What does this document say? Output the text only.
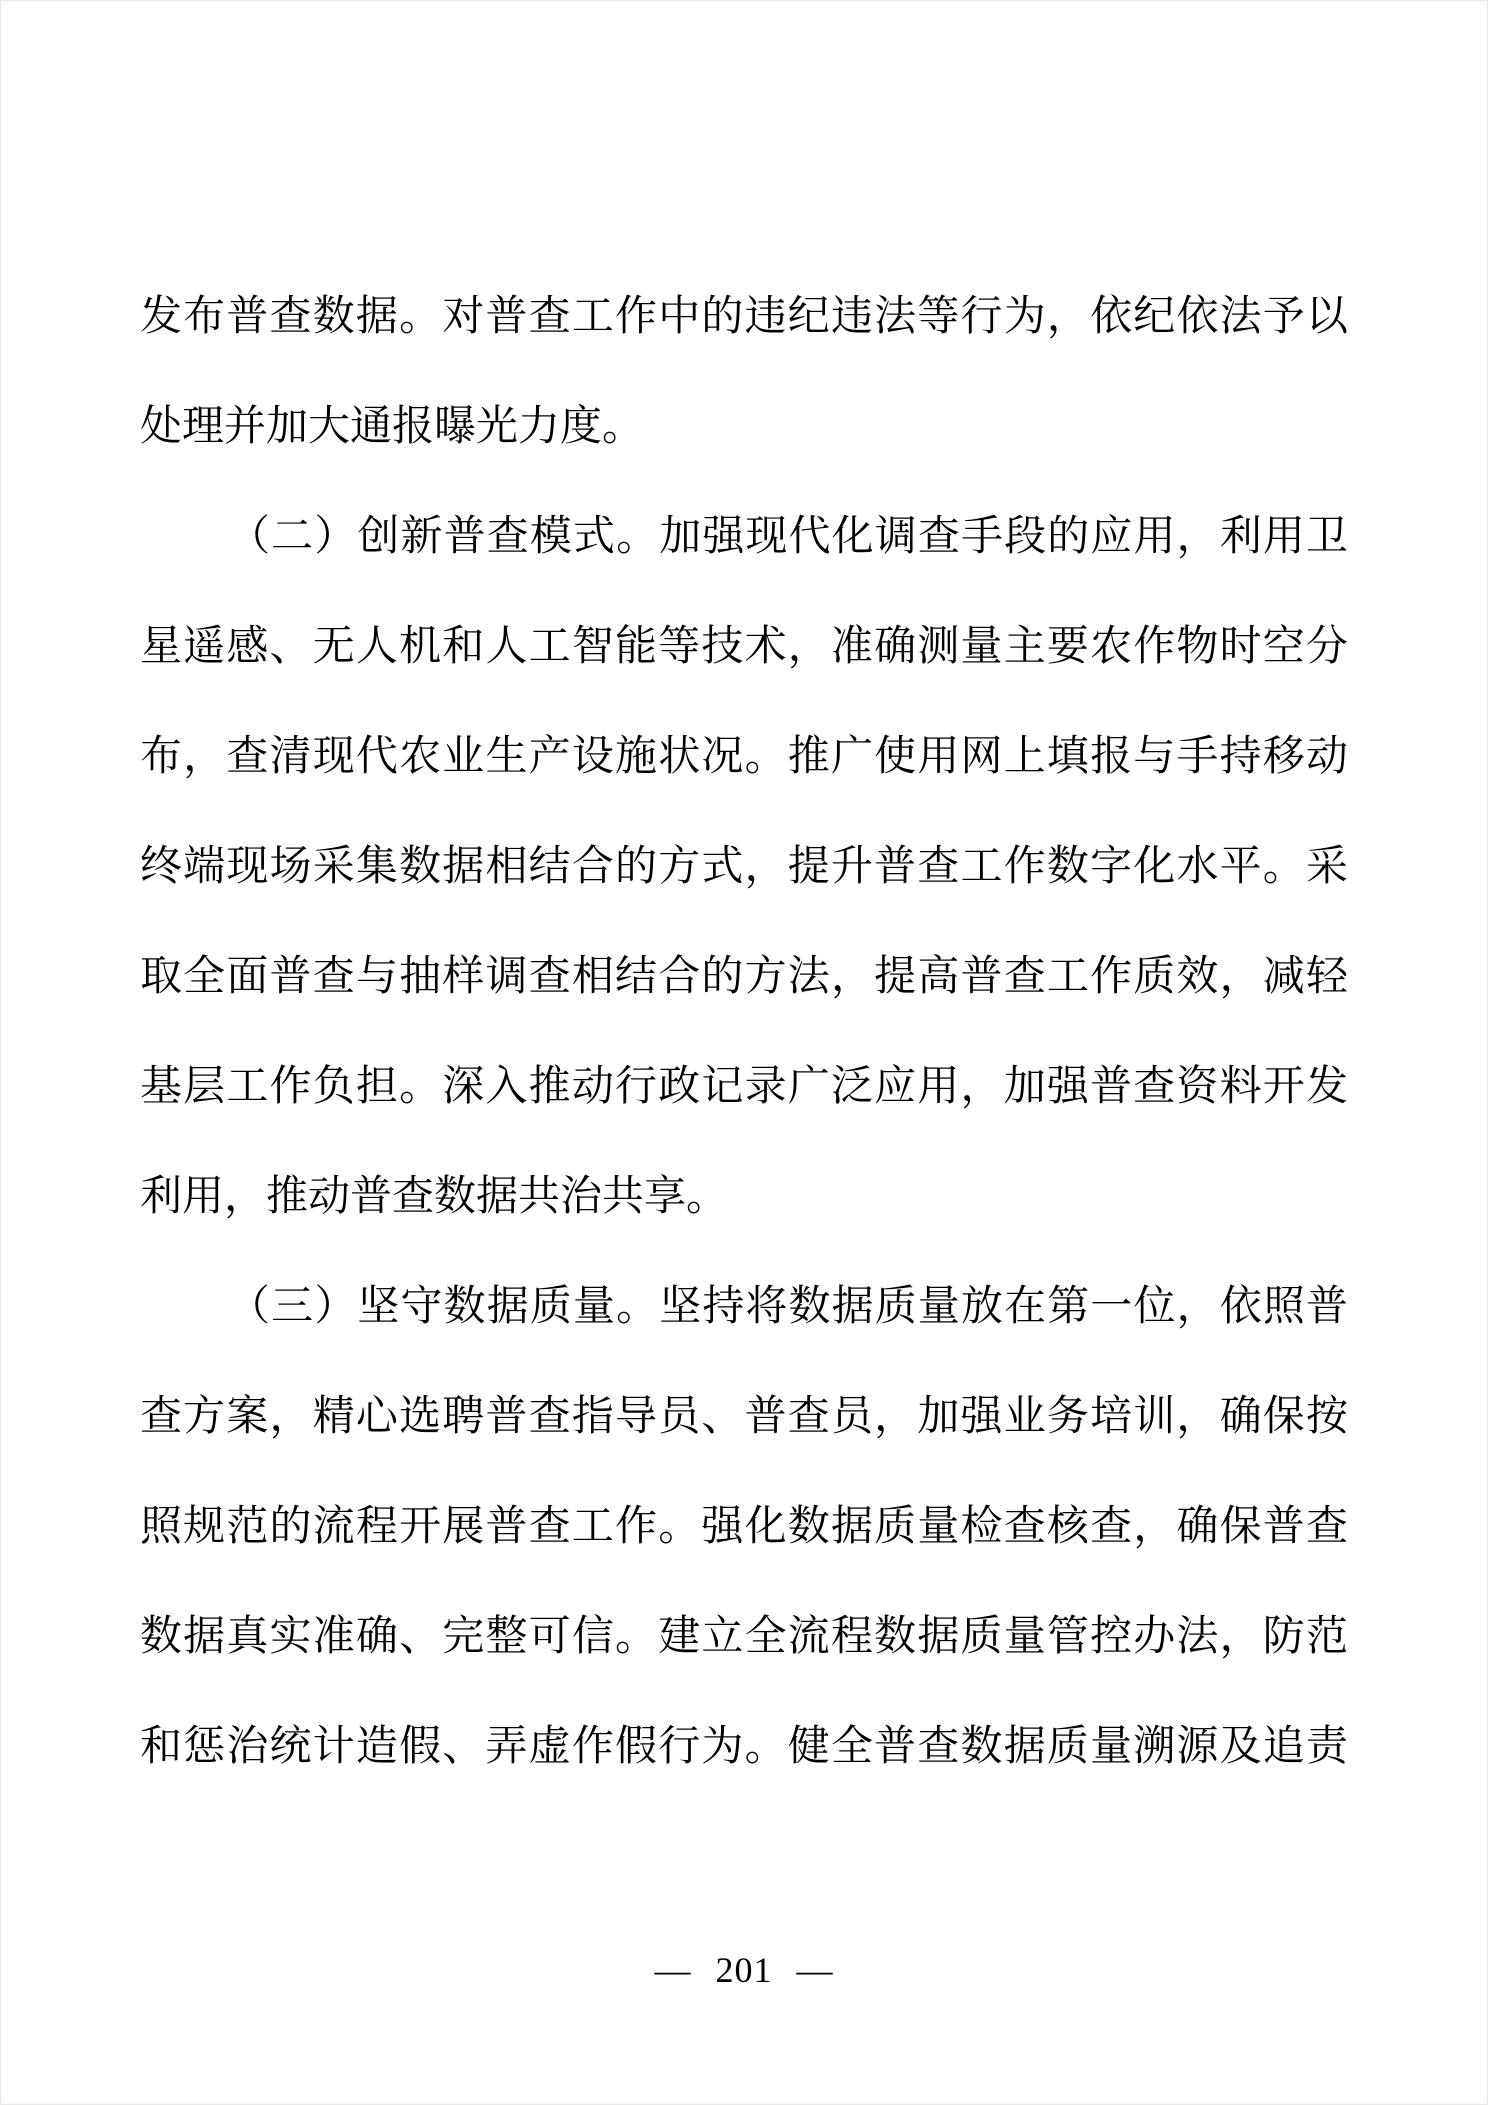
发布普查数据。对普查工作中的违纪违法等行为，依纪依法予以
处理并加大通报曝光力度。
（二）创新普查模式。加强现代化调查手段的应用，利用卫
星遥感、无人机和人工智能等技术，准确测量主要农作物时空分
布，查清现代农业生产设施状况。推广使用网上填报与手持移动
终端现场采集数据相结合的方式，提升普查工作数字化水平。采
取全面普查与抽样调查相结合的方法，提高普查工作质效，减轻
基层工作负担。深入推动行政记录广泛应用，加强普查资料开发
利用，推动普查数据共治共享。
（三）坚守数据质量。坚持将数据质量放在第一位，依照普
查方案，精心选聘普查指导员、普查员，加强业务培训，确保按
照规范的流程开展普查工作。强化数据质量检查核查，确保普查
数据真实准确、完整可信。建立全流程数据质量管控办法，防范
和惩治统计造假、弄虚作假行为。健全普查数据质量溯源及追责
— 201 —
